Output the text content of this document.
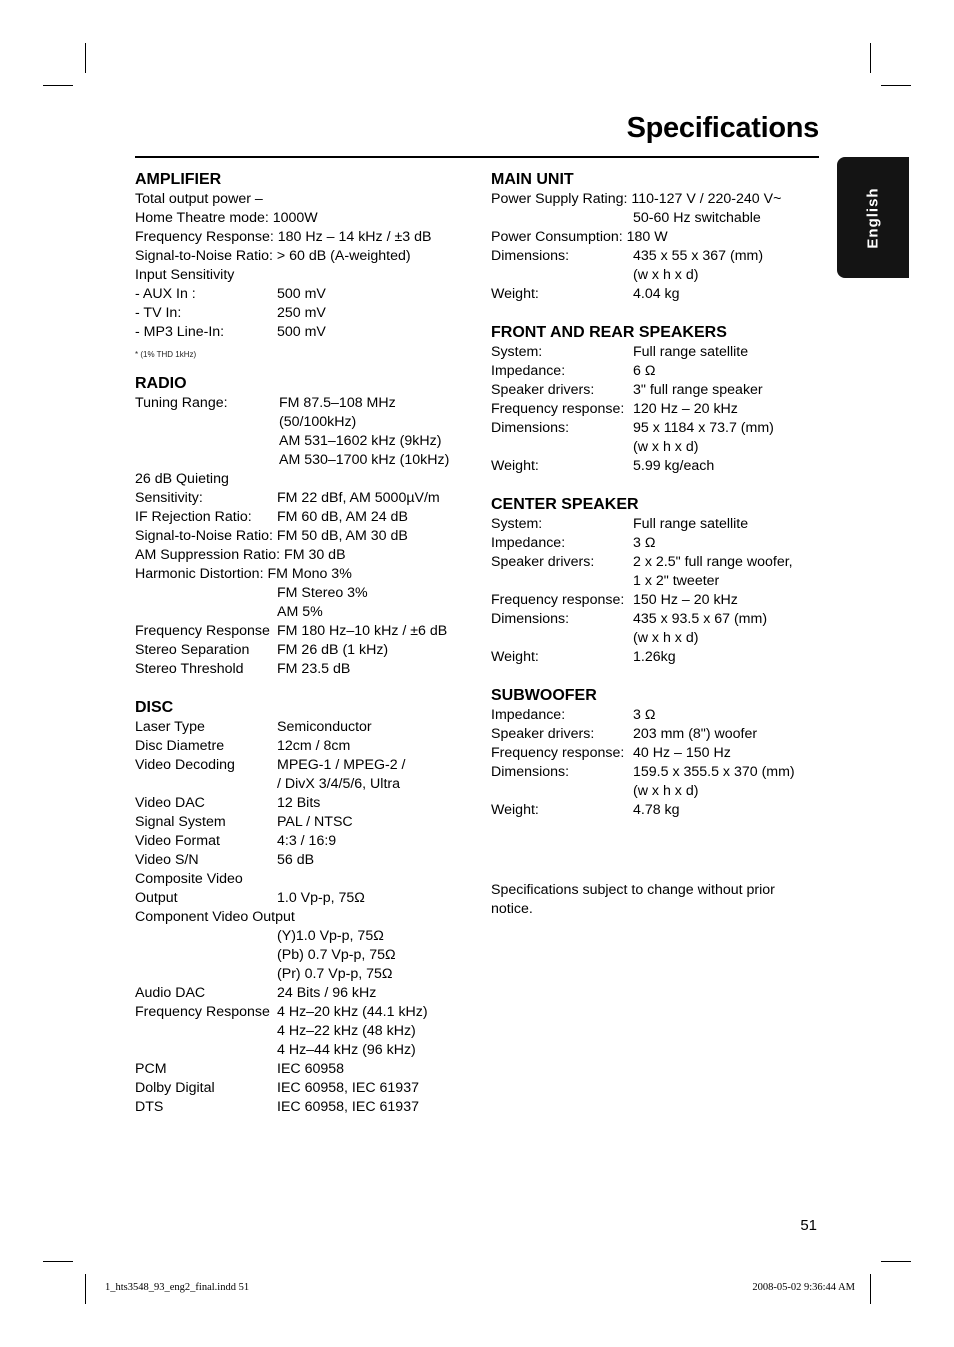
Specifications
English
AMPLIFIER
Total output power –
Home Theatre mode: 1000W
Frequency Response: 180 Hz – 14 kHz / ±3 dB
Signal-to-Noise Ratio: > 60 dB (A-weighted)
Input Sensitivity
- AUX In :	500 mV
- TV In:	250 mV
- MP3 Line-In:	500 mV
* (1% THD 1kHz)
RADIO
Tuning Range:	FM 87.5–108 MHz
(50/100kHz)
AM 531–1602 kHz (9kHz)
AM 530–1700 kHz (10kHz)
26 dB Quieting
Sensitivity:	FM 22 dBf, AM 5000µV/m
IF Rejection Ratio: FM 60 dB, AM 24 dB
Signal-to-Noise Ratio: FM 50 dB, AM 30 dB
AM Suppression Ratio: FM 30 dB
Harmonic Distortion: FM Mono 3%
FM Stereo 3%
AM 5%
Frequency Response FM 180 Hz–10 kHz / ±6 dB
Stereo Separation FM 26 dB (1 kHz)
Stereo Threshold FM 23.5 dB
DISC
Laser Type	Semiconductor
Disc Diametre	12cm / 8cm
Video Decoding	MPEG-1 / MPEG-2 /
/ DivX 3/4/5/6, Ultra
Video DAC	12 Bits
Signal System	PAL / NTSC
Video Format	4:3 / 16:9
Video S/N	56 dB
Composite Video
Output	1.0 Vp-p, 75Ω
Component Video Output
(Y)1.0 Vp-p, 75Ω
(Pb) 0.7 Vp-p, 75Ω
(Pr) 0.7 Vp-p, 75Ω
Audio DAC	24 Bits / 96 kHz
Frequency Response 4 Hz–20 kHz (44.1 kHz)
4 Hz–22 kHz (48 kHz)
4 Hz–44 kHz (96 kHz)
PCM	IEC 60958
Dolby Digital	IEC 60958, IEC 61937
DTS	IEC 60958, IEC 61937
MAIN UNIT
Power Supply Rating: 110-127 V / 220-240 V~
50-60 Hz switchable
Power Consumption: 180 W
Dimensions:	435 x 55 x 367 (mm)
(w x h x d)
Weight:	4.04 kg
FRONT AND REAR SPEAKERS
System:	Full range satellite
Impedance:	6 Ω
Speaker drivers:	3" full range speaker
Frequency response: 120 Hz – 20 kHz
Dimensions:	95 x 1184 x 73.7 (mm)
(w x h x d)
Weight:	5.99 kg/each
CENTER SPEAKER
System:	Full range satellite
Impedance:	3 Ω
Speaker drivers:	2 x 2.5" full range woofer,
1 x 2" tweeter
Frequency response: 150 Hz – 20 kHz
Dimensions:	435 x 93.5 x 67 (mm)
(w x h x d)
Weight:	1.26kg
SUBWOOFER
Impedance:	3 Ω
Speaker drivers:	203 mm (8") woofer
Frequency response: 40 Hz – 150 Hz
Dimensions:	159.5 x 355.5 x 370 (mm)
(w x h x d)
Weight:	4.78 kg
Specifications subject to change without prior notice.
51
1_hts3548_93_eng2_final.indd 51	2008-05-02 9:36:44 AM
